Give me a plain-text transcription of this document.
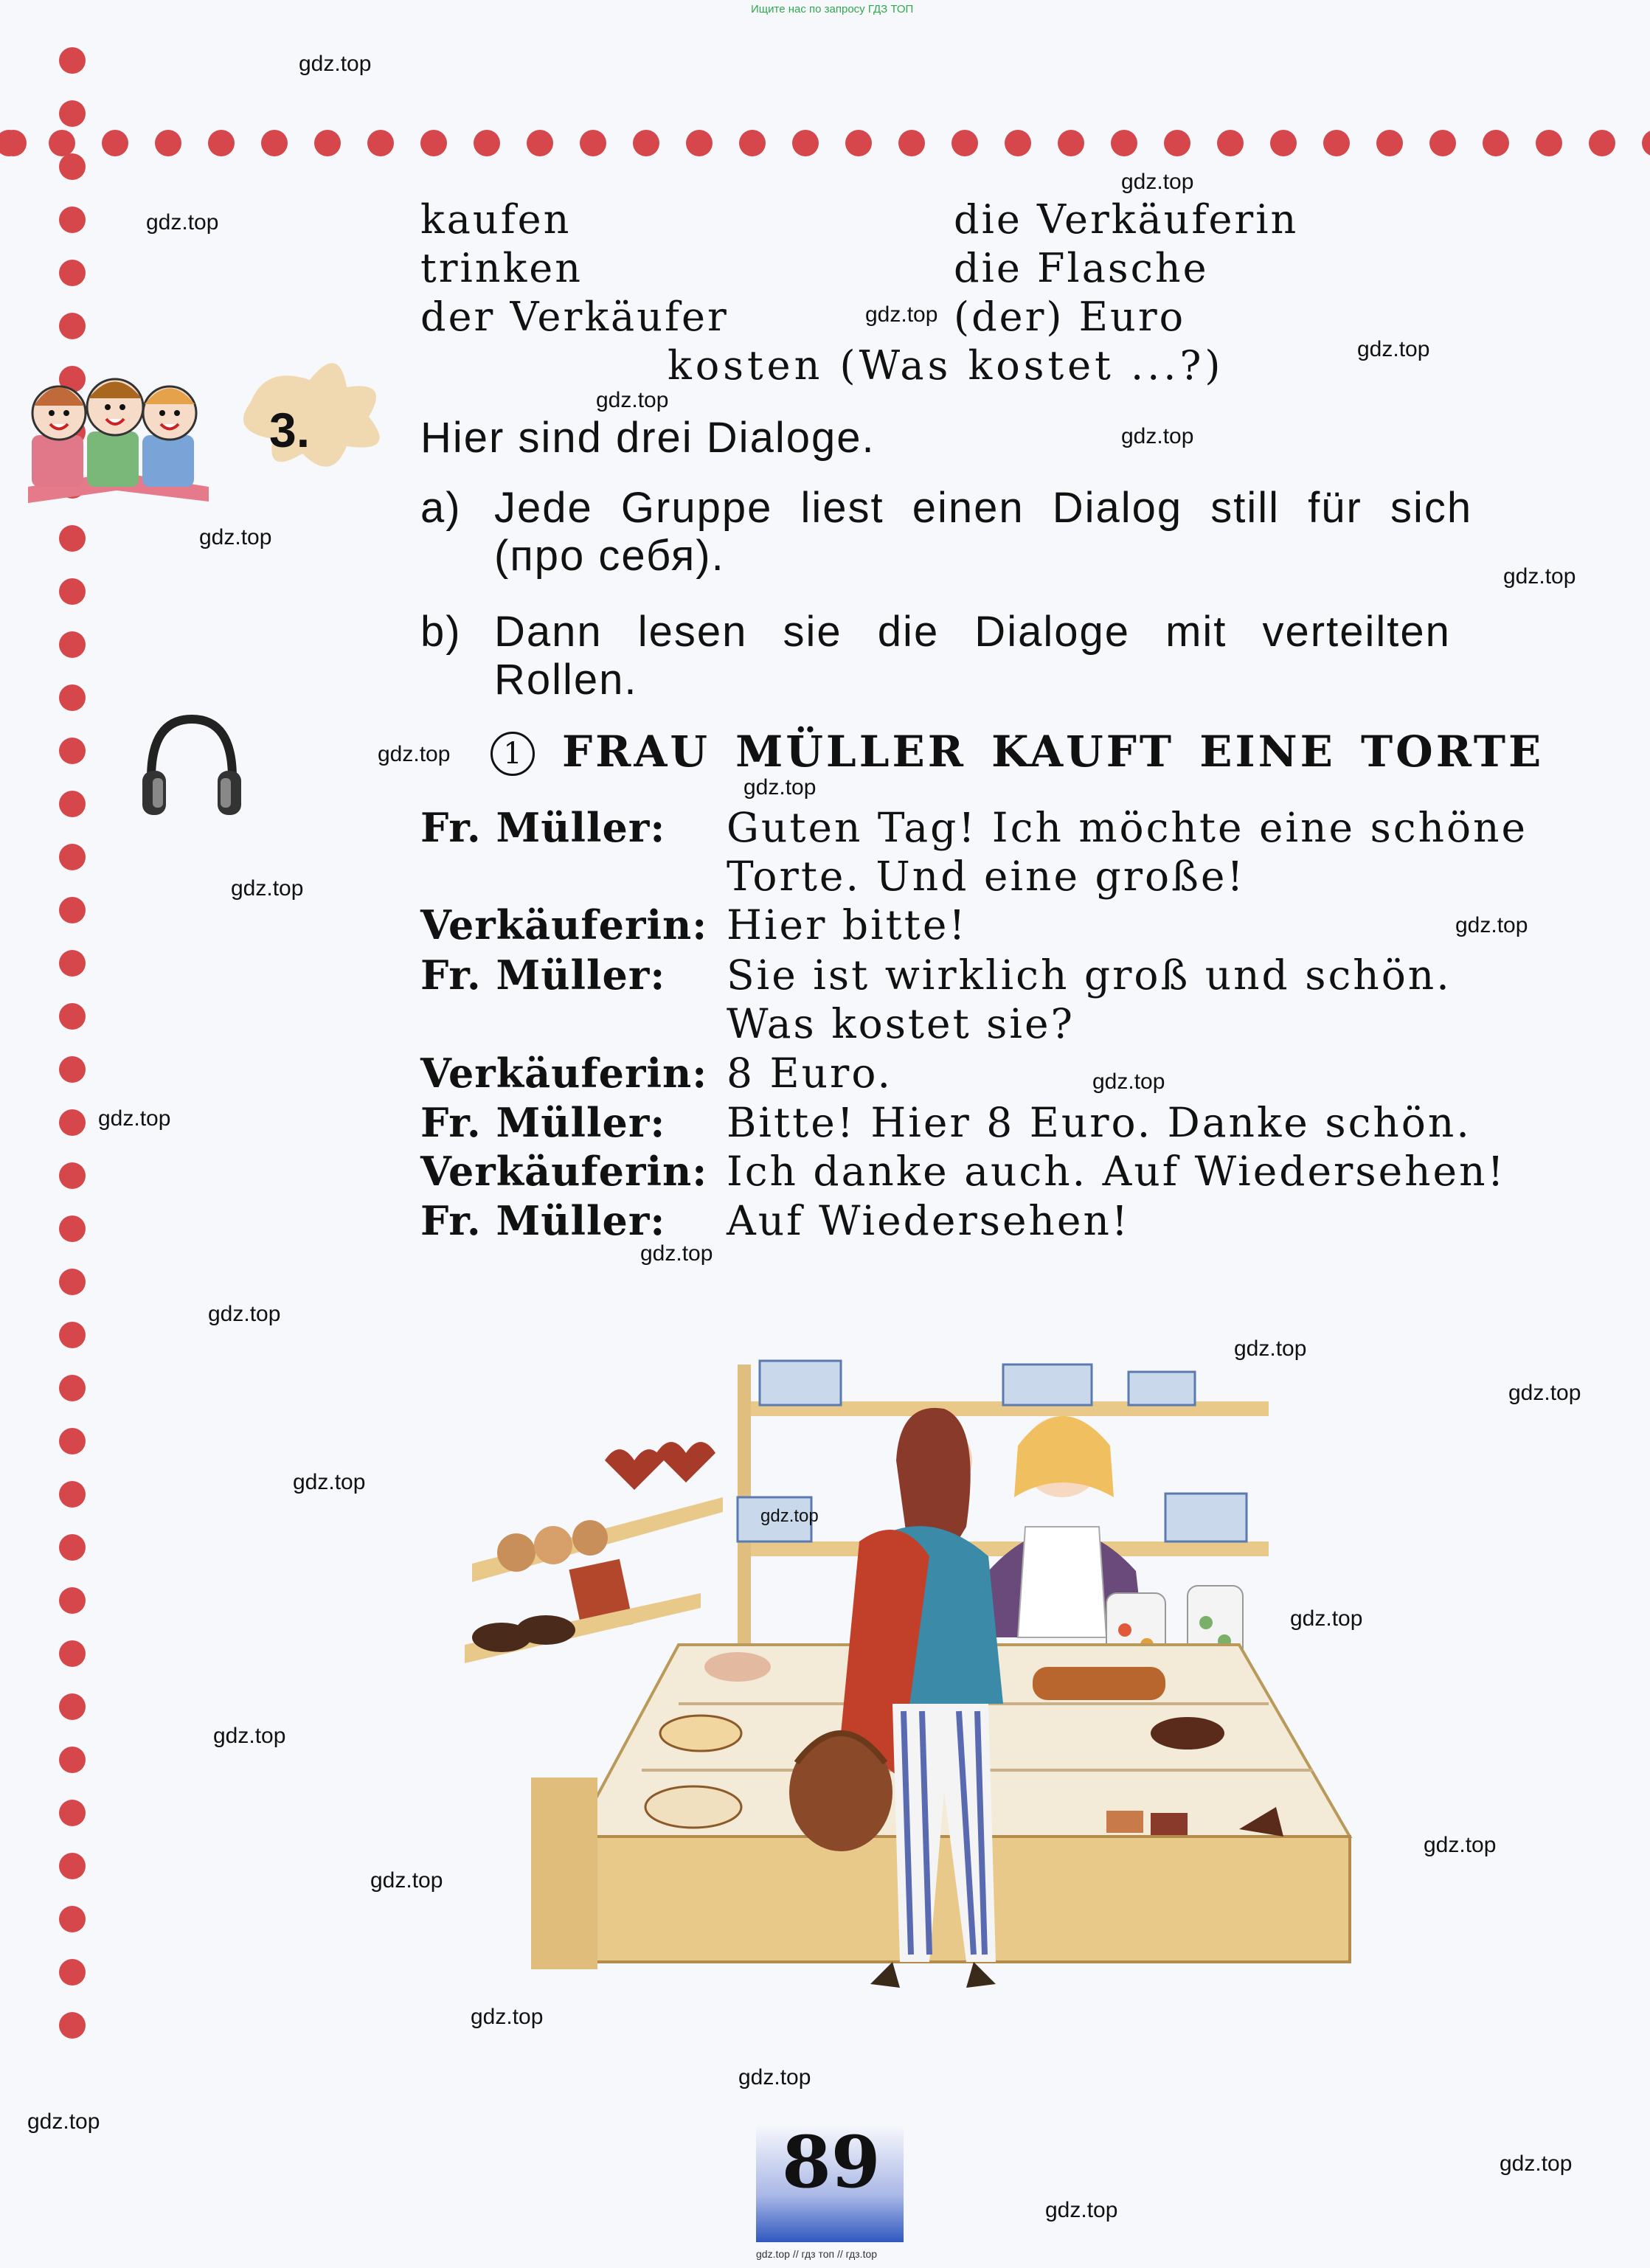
Ищите нас по запросу ГДЗ ТОП
kaufen
trinken
der Verkäufer
die Verkäuferin
die Flasche
(der) Euro
kosten (Was kostet ...?)
3.	Hier sind drei Dialoge.
a) Jede Gruppe liest einen Dialog still für sich
(про себя).
b) Dann lesen sie die Dialoge mit verteilten
Rollen.
1 FRAU MÜLLER KAUFT EINE TORTE
Fr. Müller: Guten Tag! Ich möchte eine schöne
Torte. Und eine große!
Verkäuferin: Hier bitte!
Fr. Müller: Sie ist wirklich groß und schön.
Was kostet sie?
Verkäuferin: 8 Euro.
Fr. Müller: Bitte! Hier 8 Euro. Danke schön.
Verkäuferin: Ich danke auch. Auf Wiedersehen!
Fr. Müller: Auf Wiedersehen!
89
gdz.top // гдз топ // гдз.top
gdz.top
gdz.top
gdz.top
gdz.top
gdz.top
gdz.top
gdz.top
gdz.top
gdz.top
gdz.top
gdz.top
gdz.top
gdz.top
gdz.top
gdz.top
gdz.top
gdz.top
gdz.top
gdz.top
gdz.top
gdz.top
gdz.top
gdz.top
gdz.top
gdz.top
gdz.top
gdz.top
gdz.top
gdz.top
gdz.top
